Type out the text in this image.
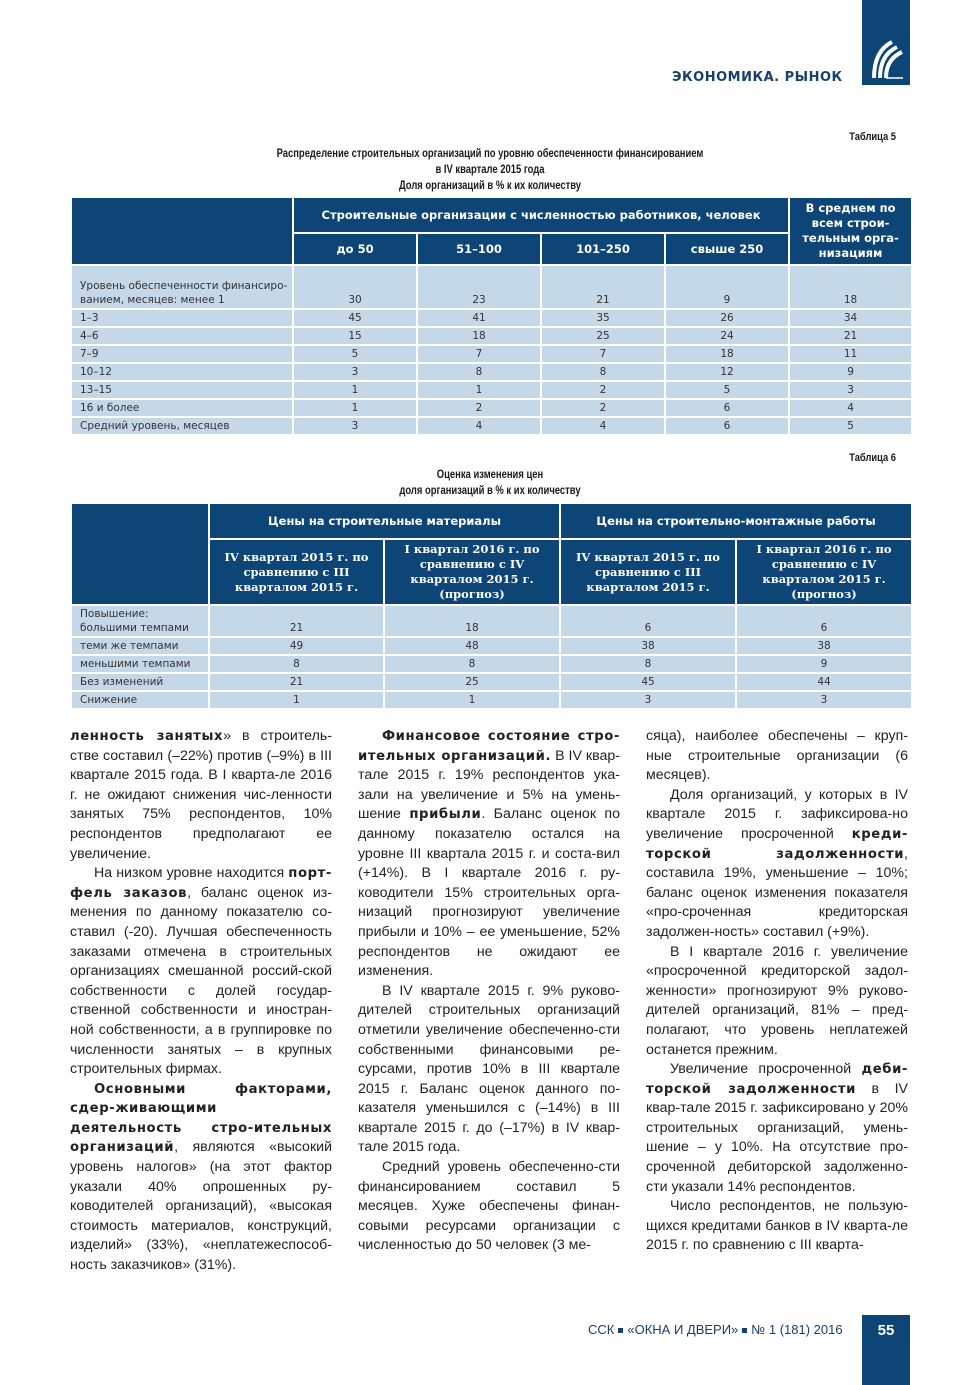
ЭКОНОМИКА. РЫНОК
Таблица 5
Распределение строительных организаций по уровню обеспеченности финансированием
в IV квартале 2015 года
Доля организаций в % к их количеству
	Строительные организации с численностью работников, человек				В среднем по всем строи-тельным орга-низациям
	до 50	51–100	101–250	свыше 250	
Уровень обеспеченности финансиро-ванием, месяцев: менее 1	30	23	21	9	18
1–3	45	41	35	26	34
4–6	15	18	25	24	21
7–9	5	7	7	18	11
10–12	3	8	8	12	9
13–15	1	1	2	5	3
16 и более	1	2	2	6	4
Средний уровень, месяцев	3	4	4	6	5
Таблица 6
Оценка изменения цен
доля организаций в % к их количеству
	Цены на строительные материалы		Цены на строительно-монтажные работы	
	IV квартал 2015 г. по сравнению с III кварталом 2015 г.	I квартал 2016 г. по сравнению с IV кварталом 2015 г. (прогноз)	IV квартал 2015 г. по сравнению с III кварталом 2015 г.	I квартал 2016 г. по сравнению с IV кварталом 2015 г. (прогноз)
Повышение: большими темпами	21	18	6	6
теми же темпами	49	48	38	38
меньшими темпами	8	8	8	9
Без изменений	21	25	45	44
Снижение	1	1	3	3

ленность занятых» в строитель-стве составил (–22%) против (–9%) в III квартале 2015 года. В I кварта-ле 2016 г. не ожидают снижения чис-ленности занятых 75% респондентов, 10% респондентов предполагают ее увеличение.

На низком уровне находится порт-фель заказов, баланс оценок из-менения по данному показателю со-ставил (-20). Лучшая обеспеченность заказами отмечена в строительных организациях смешанной россий-ской собственности с долей государ-ственной собственности и иностран-ной собственности, а в группировке по численности занятых – в крупных строительных фирмах.

Основными факторами, сдер-живающими деятельность стро-ительных организаций, являются «высокий уровень налогов» (на этот фактор указали 40% опрошенных ру-ководителей организаций), «высокая стоимость материалов, конструкций, изделий» (33%), «неплатежеспособ-ность заказчиков» (31%).

Финансовое состояние стро-ительных организаций. В IV квар-тале 2015 г. 19% респондентов ука-зали на увеличение и 5% на умень-шение прибыли. Баланс оценок по данному показателю остался на уровне III квартала 2015 г. и соста-вил (+14%). В I квартале 2016 г. ру-ководители 15% строительных орга-низаций прогнозируют увеличение прибыли и 10% – ее уменьшение, 52% респондентов не ожидают ее изменения.

В IV квартале 2015 г. 9% руково-дителей строительных организаций отметили увеличение обеспеченно-сти собственными финансовыми ре-сурсами, против 10% в III квартале 2015 г. Баланс оценок данного по-казателя уменьшился с (–14%) в III квартале 2015 г. до (–17%) в IV квар-тале 2015 года.

Средний уровень обеспеченно-сти финансированием составил 5 месяцев. Хуже обеспечены финан-совыми ресурсами организации с численностью до 50 человек (3 ме-

сяца), наиболее обеспечены – круп-ные строительные организации (6 месяцев).

Доля организаций, у которых в IV квартале 2015 г. зафиксирова-но увеличение просроченной креди-торской задолженности, составила 19%, уменьшение – 10%; баланс оценок изменения показателя «про-сроченная кредиторская задолжен-ность» составил (+9%).

В I квартале 2016 г. увеличение «просроченной кредиторской задол-женности» прогнозируют 9% руково-дителей организаций, 81% – пред-полагают, что уровень неплатежей останется прежним.

Увеличение просроченной деби-торской задолженности в IV квар-тале 2015 г. зафиксировано у 20% строительных организаций, умень-шение – у 10%. На отсутствие про-сроченной дебиторской задолженно-сти указали 14% респондентов.

Число респондентов, не пользую-щихся кредитами банков в IV кварта-ле 2015 г. по сравнению с III кварта-

ССК «ОКНА И ДВЕРИ» № 1 (181) 2016	55
